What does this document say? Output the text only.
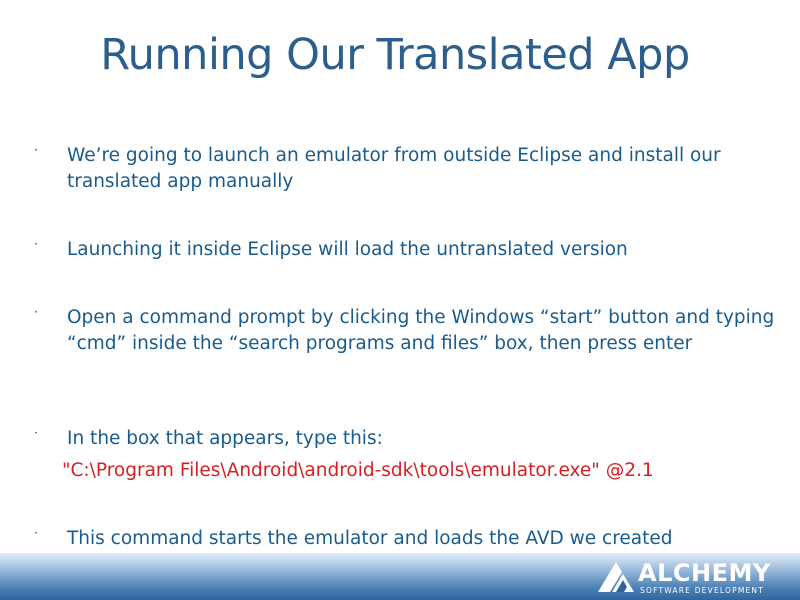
Running Our Translated App
· We’re going to launch an emulator from outside Eclipse and install our translated app manually
· Launching it inside Eclipse will load the untranslated version
· Open a command prompt by clicking the Windows “start” button and typing “cmd” inside the “search programs and files” box, then press enter
· In the box that appears, type this:
"C:\Program Files\Android\android-sdk\tools\emulator.exe" @2.1
· This command starts the emulator and loads the AVD we created
ALCHEMY
SOFTWARE DEVELOPMENT
